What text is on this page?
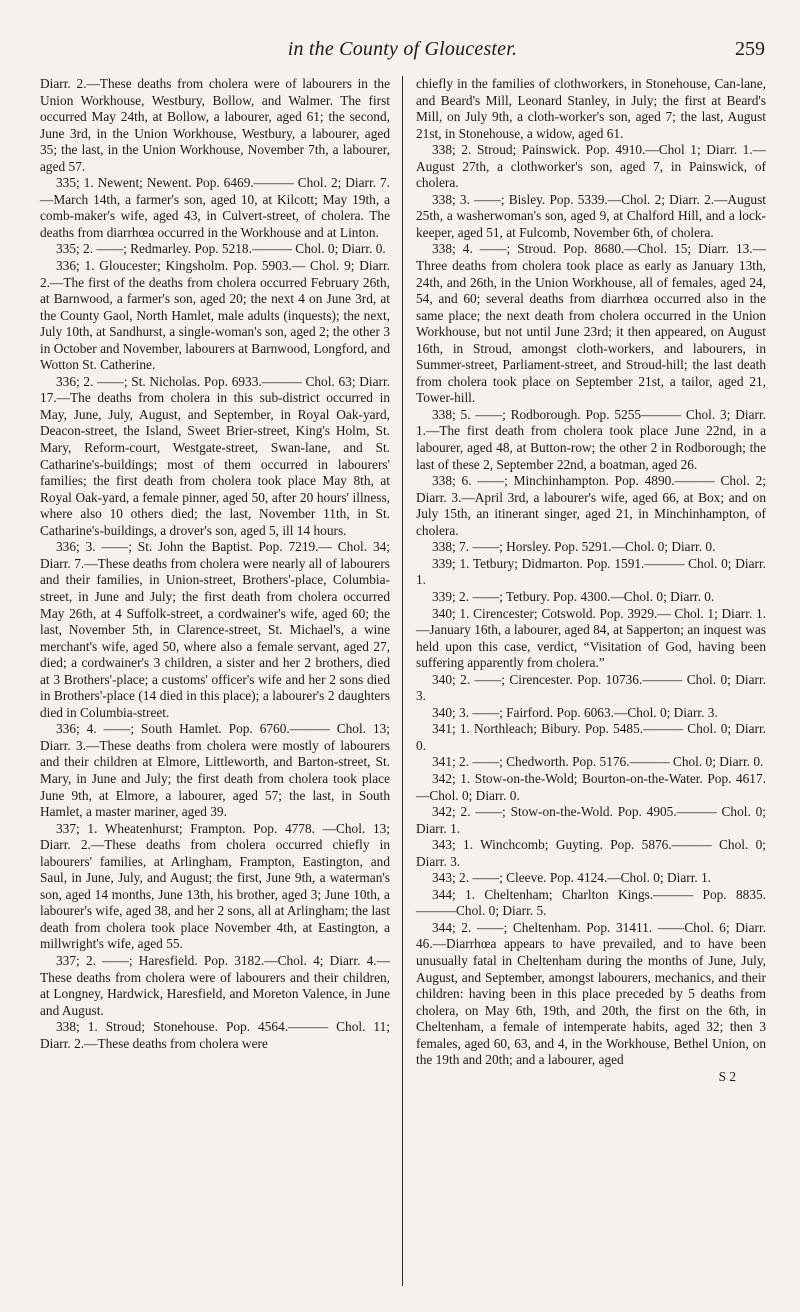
in the County of Gloucester.	259

Diarr. 2.—These deaths from cholera were of labourers in the Union Workhouse, Westbury, Bollow, and Walmer. The first occurred May 24th, at Bollow, a labourer, aged 61; the second, June 3rd, in the Union Workhouse, Westbury, a labourer, aged 35; the last, in the Union Workhouse, November 7th, a labourer, aged 57.

335; 1. Newent; Newent. Pop. 6469.——— Chol. 2; Diarr. 7.—March 14th, a farmer's son, aged 10, at Kilcott; May 19th, a comb-maker's wife, aged 43, in Culvert-street, of cholera. The deaths from diarrhœa occurred in the Workhouse and at Linton.

335; 2. ——; Redmarley. Pop. 5218.——— Chol. 0; Diarr. 0.

336; 1. Gloucester; Kingsholm. Pop. 5903.— Chol. 9; Diarr. 2.—The first of the deaths from cholera occurred February 26th, at Barnwood, a farmer's son, aged 20; the next 4 on June 3rd, at the County Gaol, North Hamlet, male adults (inquests); the next, July 10th, at Sandhurst, a single-woman's son, aged 2; the other 3 in October and November, labourers at Barnwood, Longford, and Wotton St. Catherine.

336; 2. ——; St. Nicholas. Pop. 6933.——— Chol. 63; Diarr. 17.—The deaths from cholera in this sub-district occurred in May, June, July, August, and September, in Royal Oak-yard, Deacon-street, the Island, Sweet Brier-street, King's Holm, St. Mary, Reform-court, Westgate-street, Swan-lane, and St. Catharine's-buildings; most of them occurred in labourers' families; the first death from cholera took place May 8th, at Royal Oak-yard, a female pinner, aged 50, after 20 hours' illness, where also 10 others died; the last, November 11th, in St. Catharine's-buildings, a drover's son, aged 5, ill 14 hours.

336; 3. ——; St. John the Baptist. Pop. 7219.— Chol. 34; Diarr. 7.—These deaths from cholera were nearly all of labourers and their families, in Union-street, Brothers'-place, Columbia-street, in June and July; the first death from cholera occurred May 26th, at 4 Suffolk-street, a cordwainer's wife, aged 60; the last, November 5th, in Clarence-street, St. Michael's, a wine merchant's wife, aged 50, where also a female servant, aged 27, died; a cordwainer's 3 children, a sister and her 2 brothers, died at 3 Brothers'-place; a customs' officer's wife and her 2 sons died in Brothers'-place (14 died in this place); a labourer's 2 daughters died in Columbia-street.

336; 4. ——; South Hamlet. Pop. 6760.——— Chol. 13; Diarr. 3.—These deaths from cholera were mostly of labourers and their children at Elmore, Littleworth, and Barton-street, St. Mary, in June and July; the first death from cholera took place June 9th, at Elmore, a labourer, aged 57; the last, in South Hamlet, a master mariner, aged 39.

337; 1. Wheatenhurst; Frampton. Pop. 4778. —Chol. 13; Diarr. 2.—These deaths from cholera occurred chiefly in labourers' families, at Arlingham, Frampton, Eastington, and Saul, in June, July, and August; the first, June 9th, a waterman's son, aged 14 months, June 13th, his brother, aged 3; June 10th, a labourer's wife, aged 38, and her 2 sons, all at Arlingham; the last death from cholera took place November 4th, at Eastington, a millwright's wife, aged 55.

337; 2. ——; Haresfield. Pop. 3182.—Chol. 4; Diarr. 4.—These deaths from cholera were of labourers and their children, at Longney, Hardwick, Haresfield, and Moreton Valence, in June and August.

338; 1. Stroud; Stonehouse. Pop. 4564.——— Chol. 11; Diarr. 2.—These deaths from cholera were

chiefly in the families of clothworkers, in Stonehouse, Can-lane, and Beard's Mill, Leonard Stanley, in July; the first at Beard's Mill, on July 9th, a cloth-worker's son, aged 7; the last, August 21st, in Stonehouse, a widow, aged 61.

338; 2. Stroud; Painswick. Pop. 4910.—Chol 1; Diarr. 1.—August 27th, a clothworker's son, aged 7, in Painswick, of cholera.

338; 3. ——; Bisley. Pop. 5339.—Chol. 2; Diarr. 2.—August 25th, a washerwoman's son, aged 9, at Chalford Hill, and a lock-keeper, aged 51, at Fulcomb, November 6th, of cholera.

338; 4. ——; Stroud. Pop. 8680.—Chol. 15; Diarr. 13.—Three deaths from cholera took place as early as January 13th, 24th, and 26th, in the Union Workhouse, all of females, aged 24, 54, and 60; several deaths from diarrhœa occurred also in the same place; the next death from cholera occurred in the Union Workhouse, but not until June 23rd; it then appeared, on August 16th, in Stroud, amongst cloth-workers, and labourers, in Summer-street, Parliament-street, and Stroud-hill; the last death from cholera took place on September 21st, a tailor, aged 21, Tower-hill.

338; 5. ——; Rodborough. Pop. 5255——— Chol. 3; Diarr. 1.—The first death from cholera took place June 22nd, in a labourer, aged 48, at Button-row; the other 2 in Rodborough; the last of these 2, September 22nd, a boatman, aged 26.

338; 6. ——; Minchinhampton. Pop. 4890.——— Chol. 2; Diarr. 3.—April 3rd, a labourer's wife, aged 66, at Box; and on July 15th, an itinerant singer, aged 21, in Minchinhampton, of cholera.

338; 7. ——; Horsley. Pop. 5291.—Chol. 0; Diarr. 0.

339; 1. Tetbury; Didmarton. Pop. 1591.——— Chol. 0; Diarr. 1.

339; 2. ——; Tetbury. Pop. 4300.—Chol. 0; Diarr. 0.

340; 1. Cirencester; Cotswold. Pop. 3929.— Chol. 1; Diarr. 1.—January 16th, a labourer, aged 84, at Sapperton; an inquest was held upon this case, verdict, “Visitation of God, having been suffering apparently from cholera.”

340; 2. ——; Cirencester. Pop. 10736.——— Chol. 0; Diarr. 3.

340; 3. ——; Fairford. Pop. 6063.—Chol. 0; Diarr. 3.

341; 1. Northleach; Bibury. Pop. 5485.——— Chol. 0; Diarr. 0.

341; 2. ——; Chedworth. Pop. 5176.——— Chol. 0; Diarr. 0.

342; 1. Stow-on-the-Wold; Bourton-on-the-Water. Pop. 4617.—Chol. 0; Diarr. 0.

342; 2. ——; Stow-on-the-Wold. Pop. 4905.——— Chol. 0; Diarr. 1.

343; 1. Winchcomb; Guyting. Pop. 5876.——— Chol. 0; Diarr. 3.

343; 2. ——; Cleeve. Pop. 4124.—Chol. 0; Diarr. 1.

344; 1. Cheltenham; Charlton Kings.——— Pop. 8835.———Chol. 0; Diarr. 5.

344; 2. ——; Cheltenham. Pop. 31411. ——Chol. 6; Diarr. 46.—Diarrhœa appears to have prevailed, and to have been unusually fatal in Cheltenham during the months of June, July, August, and September, amongst labourers, mechanics, and their children: having been in this place preceded by 5 deaths from cholera, on May 6th, 19th, and 20th, the first on the 6th, in Cheltenham, a female of intemperate habits, aged 32; then 3 females, aged 60, 63, and 4, in the Workhouse, Bethel Union, on the 19th and 20th; and a labourer, aged

S 2
